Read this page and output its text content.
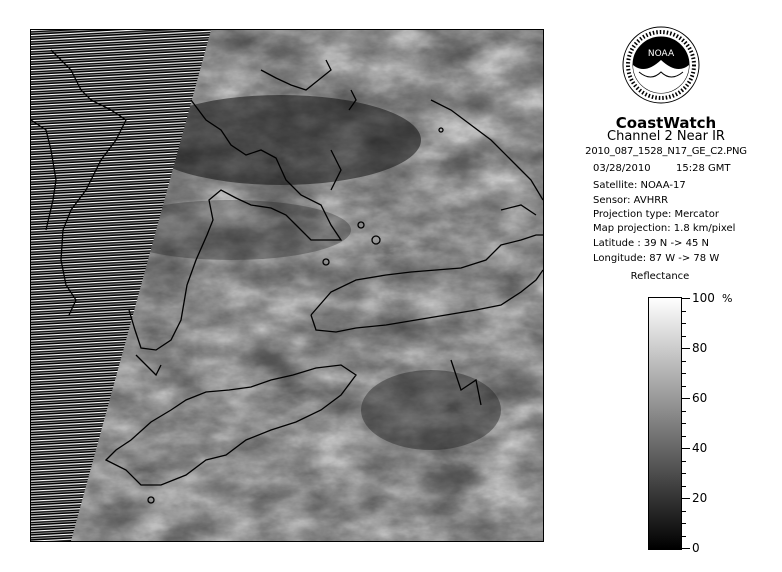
NOAA
CoastWatch
Channel 2 Near IR
2010_087_1528_N17_GE_C2.PNG
03/28/2010	15:28 GMT
Satellite: NOAA-17
Sensor: AVHRR
Projection type: Mercator
Map projection: 1.8 km/pixel
Latitude : 39 N -> 45 N
Longitude: 87 W -> 78 W
Reflectance
%
100
80
60
40
20
0
